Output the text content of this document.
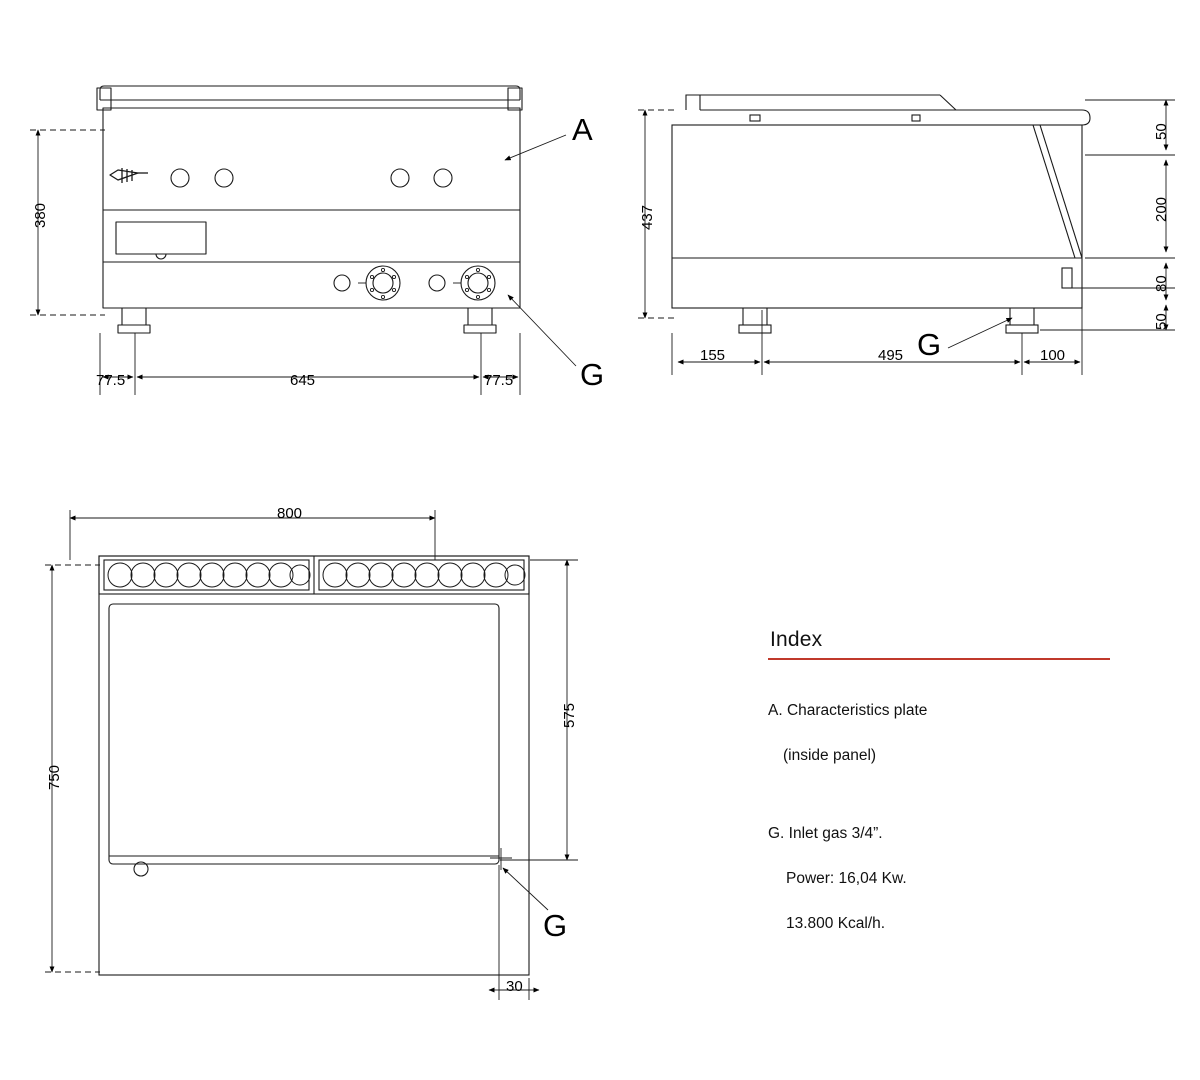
380
77.5	645	77.5
A
G
437
50
200
80
50
155	495	100
G
800
750
575
30
G
Index

A. Characteristics plate

(inside panel)

G. Inlet gas 3/4”.

Power: 16,04 Kw.

13.800 Kcal/h.
